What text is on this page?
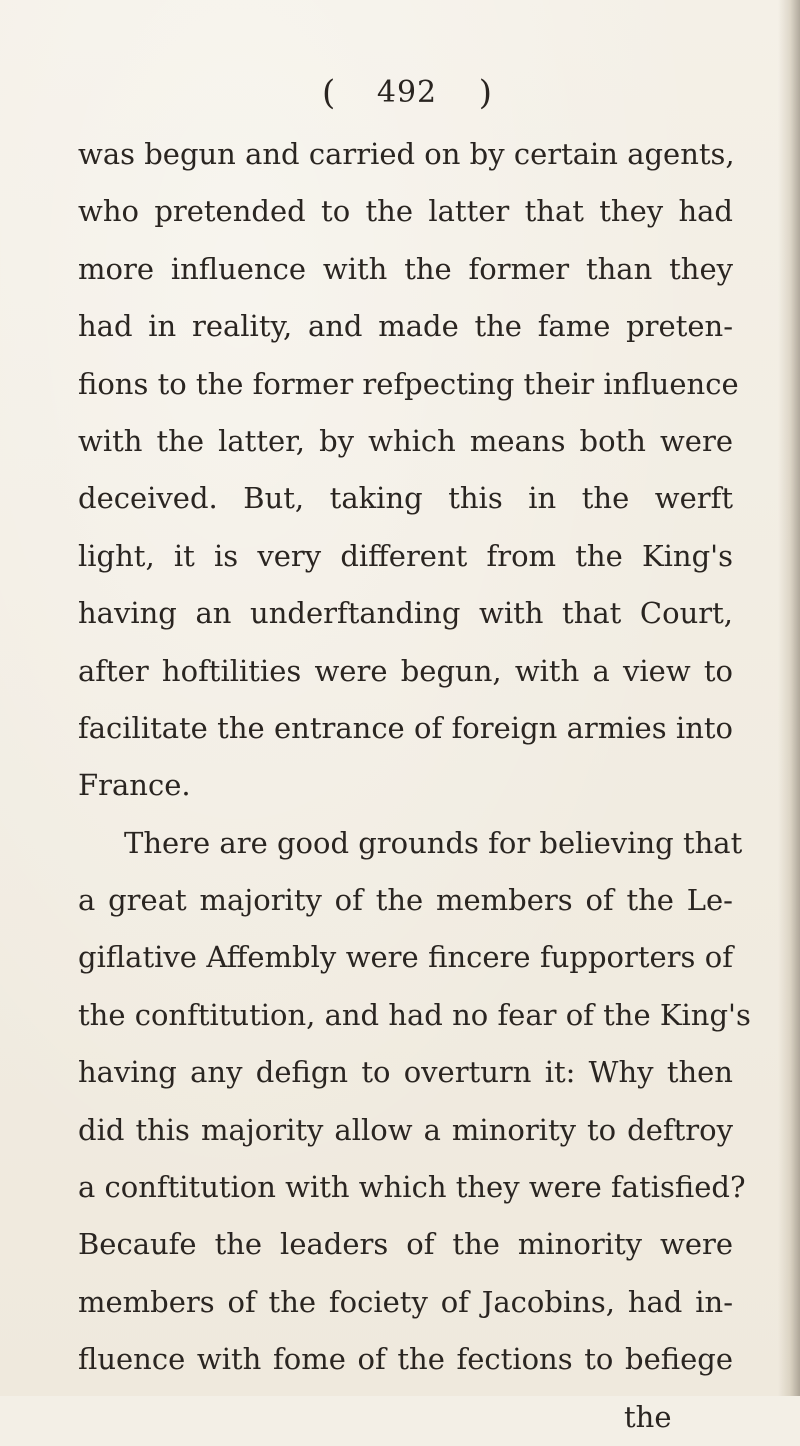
( 492 )
was begun and carried on by certain agents,
who pretended to the latter that they had
more influence with the former than they
had in reality, and made the fame preten-
fions to the former refpecting their influence
with the latter, by which means both were
deceived. But, taking this in the werft
light, it is very different from the King's
having an underftanding with that Court,
after hoftilities were begun, with a view to
facilitate the entrance of foreign armies into
France.
There are good grounds for believing that
a great majority of the members of the Le-
giflative Affembly were fincere fupporters of
the conftitution, and had no fear of the King's
having any defign to overturn it: Why then
did this majority allow a minority to deftroy
a conftitution with which they were fatisfied?
Becaufe the leaders of the minority were
members of the fociety of Jacobins, had in-
fluence with fome of the fections to befiege
the
